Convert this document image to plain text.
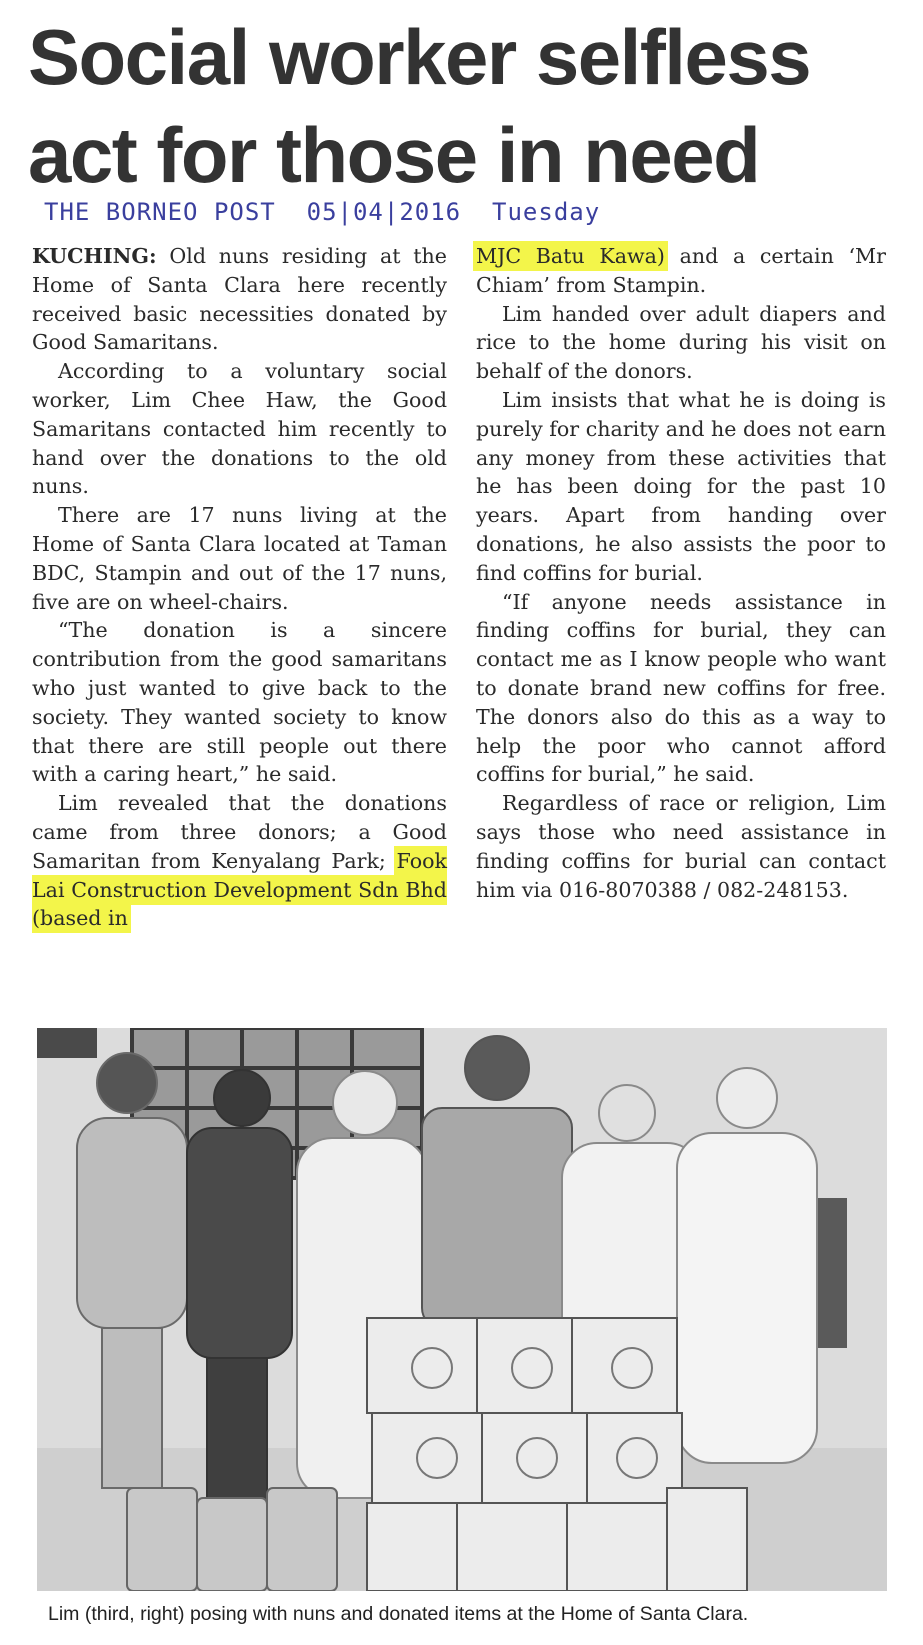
Social worker selfless
act for those in need
THE BORNEO POST  05|04|2016  Tuesday

KUCHING: Old nuns residing at the Home of Santa Clara here recently received basic necessities donated by Good Samaritans.

According to a voluntary social worker, Lim Chee Haw, the Good Samaritans contacted him recently to hand over the donations to the old nuns.

There are 17 nuns living at the Home of Santa Clara located at Taman BDC, Stampin and out of the 17 nuns, five are on wheel-chairs.

“The donation is a sincere contribution from the good samaritans who just wanted to give back to the society. They wanted society to know that there are still people out there with a caring heart,” he said.

Lim revealed that the donations came from three donors; a Good Samaritan from Kenyalang Park; Fook Lai Construction Development Sdn Bhd (based in

MJC Batu Kawa) and a certain ‘Mr Chiam’ from Stampin.

Lim handed over adult diapers and rice to the home during his visit on behalf of the donors.

Lim insists that what he is doing is purely for charity and he does not earn any money from these activities that he has been doing for the past 10 years. Apart from handing over donations, he also assists the poor to find coffins for burial.

“If anyone needs assistance in finding coffins for burial, they can contact me as I know people who want to donate brand new coffins for free. The donors also do this as a way to help the poor who cannot afford coffins for burial,” he said.

Regardless of race or religion, Lim says those who need assistance in finding coffins for burial can contact him via 016-8070388 / 082-248153.

Lim (third, right) posing with nuns and donated items at the Home of Santa Clara.
